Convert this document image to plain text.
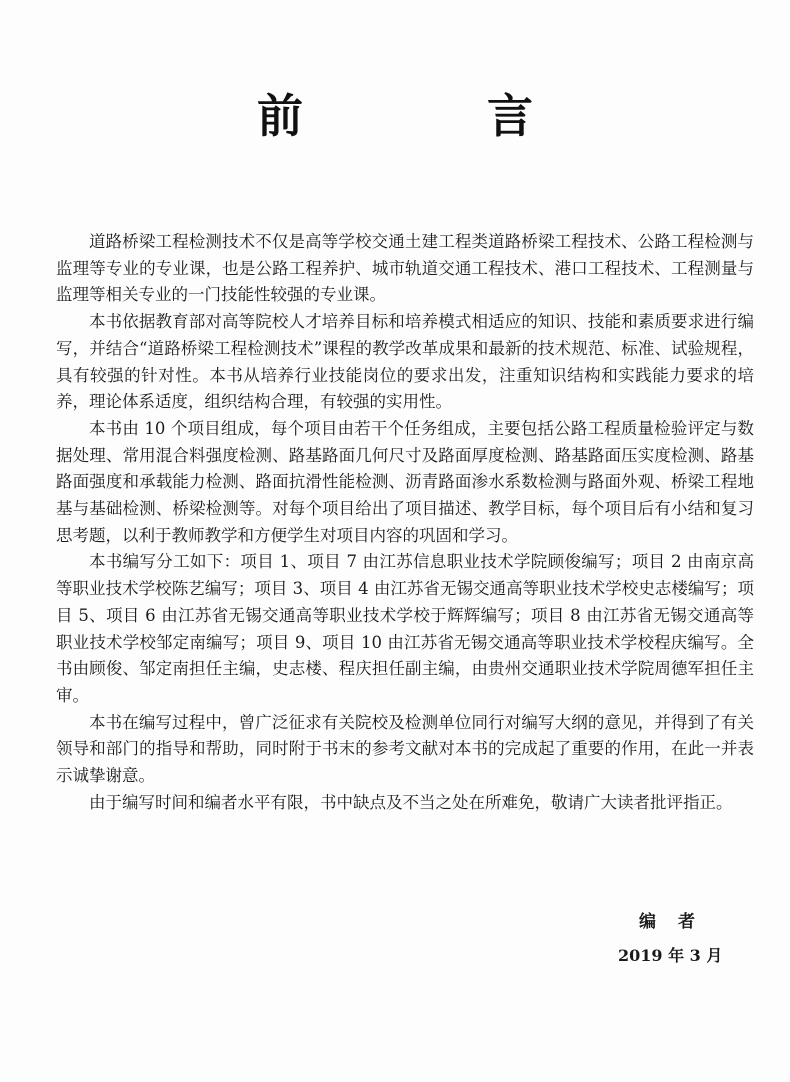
前 言

道路桥梁工程检测技术不仅是高等学校交通土建工程类道路桥梁工程技术、公路工程检测与监理等专业的专业课，也是公路工程养护、城市轨道交通工程技术、港口工程技术、工程测量与监理等相关专业的一门技能性较强的专业课。

本书依据教育部对高等院校人才培养目标和培养模式相适应的知识、技能和素质要求进行编写，并结合“道路桥梁工程检测技术”课程的教学改革成果和最新的技术规范、标准、试验规程，具有较强的针对性。本书从培养行业技能岗位的要求出发，注重知识结构和实践能力要求的培养，理论体系适度，组织结构合理，有较强的实用性。

本书由 10 个项目组成，每个项目由若干个任务组成，主要包括公路工程质量检验评定与数据处理、常用混合料强度检测、路基路面几何尺寸及路面厚度检测、路基路面压实度检测、路基路面强度和承载能力检测、路面抗滑性能检测、沥青路面渗水系数检测与路面外观、桥梁工程地基与基础检测、桥梁检测等。对每个项目给出了项目描述、教学目标，每个项目后有小结和复习思考题，以利于教师教学和方便学生对项目内容的巩固和学习。

本书编写分工如下：项目 1、项目 7 由江苏信息职业技术学院顾俊编写；项目 2 由南京高等职业技术学校陈艺编写；项目 3、项目 4 由江苏省无锡交通高等职业技术学校史志楼编写；项目 5、项目 6 由江苏省无锡交通高等职业技术学校于辉辉编写；项目 8 由江苏省无锡交通高等职业技术学校邹定南编写；项目 9、项目 10 由江苏省无锡交通高等职业技术学校程庆编写。全书由顾俊、邹定南担任主编，史志楼、程庆担任副主编，由贵州交通职业技术学院周德军担任主审。

本书在编写过程中，曾广泛征求有关院校及检测单位同行对编写大纲的意见，并得到了有关领导和部门的指导和帮助，同时附于书末的参考文献对本书的完成起了重要的作用，在此一并表示诚挚谢意。

由于编写时间和编者水平有限，书中缺点及不当之处在所难免，敬请广大读者批评指正。

编者
2019 年 3 月
